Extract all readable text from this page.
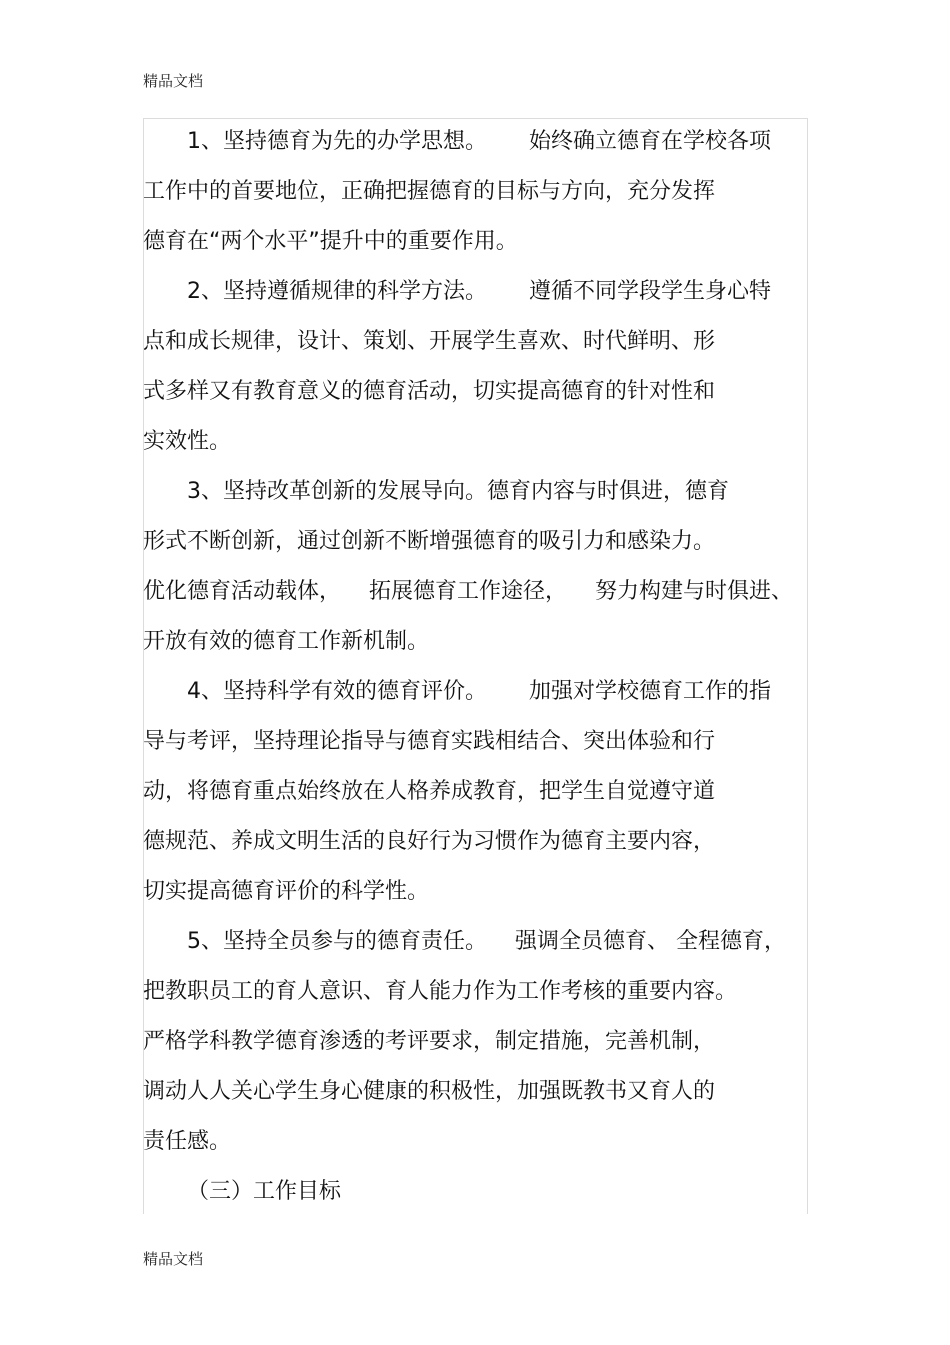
精品文档
1、坚持德育为先的办学思想。      始终确立德育在学校各项
工作中的首要地位，正确把握德育的目标与方向，充分发挥
德育在“两个水平”提升中的重要作用。
2、坚持遵循规律的科学方法。      遵循不同学段学生身心特
点和成长规律，设计、策划、开展学生喜欢、时代鲜明、形
式多样又有教育意义的德育活动，切实提高德育的针对性和
实效性。
3、坚持改革创新的发展导向。德育内容与时俱进，德育
形式不断创新，通过创新不断增强德育的吸引力和感染力。
优化德育活动载体，    拓展德育工作途径，    努力构建与时俱进、
开放有效的德育工作新机制。
4、坚持科学有效的德育评价。      加强对学校德育工作的指
导与考评，坚持理论指导与德育实践相结合、突出体验和行
动，将德育重点始终放在人格养成教育，把学生自觉遵守道
德规范、养成文明生活的良好行为习惯作为德育主要内容，
切实提高德育评价的科学性。
5、坚持全员参与的德育责任。    强调全员德育、 全程德育，
把教职员工的育人意识、育人能力作为工作考核的重要内容。
严格学科教学德育渗透的考评要求，制定措施，完善机制，
调动人人关心学生身心健康的积极性，加强既教书又育人的
责任感。
（三）工作目标
精品文档
